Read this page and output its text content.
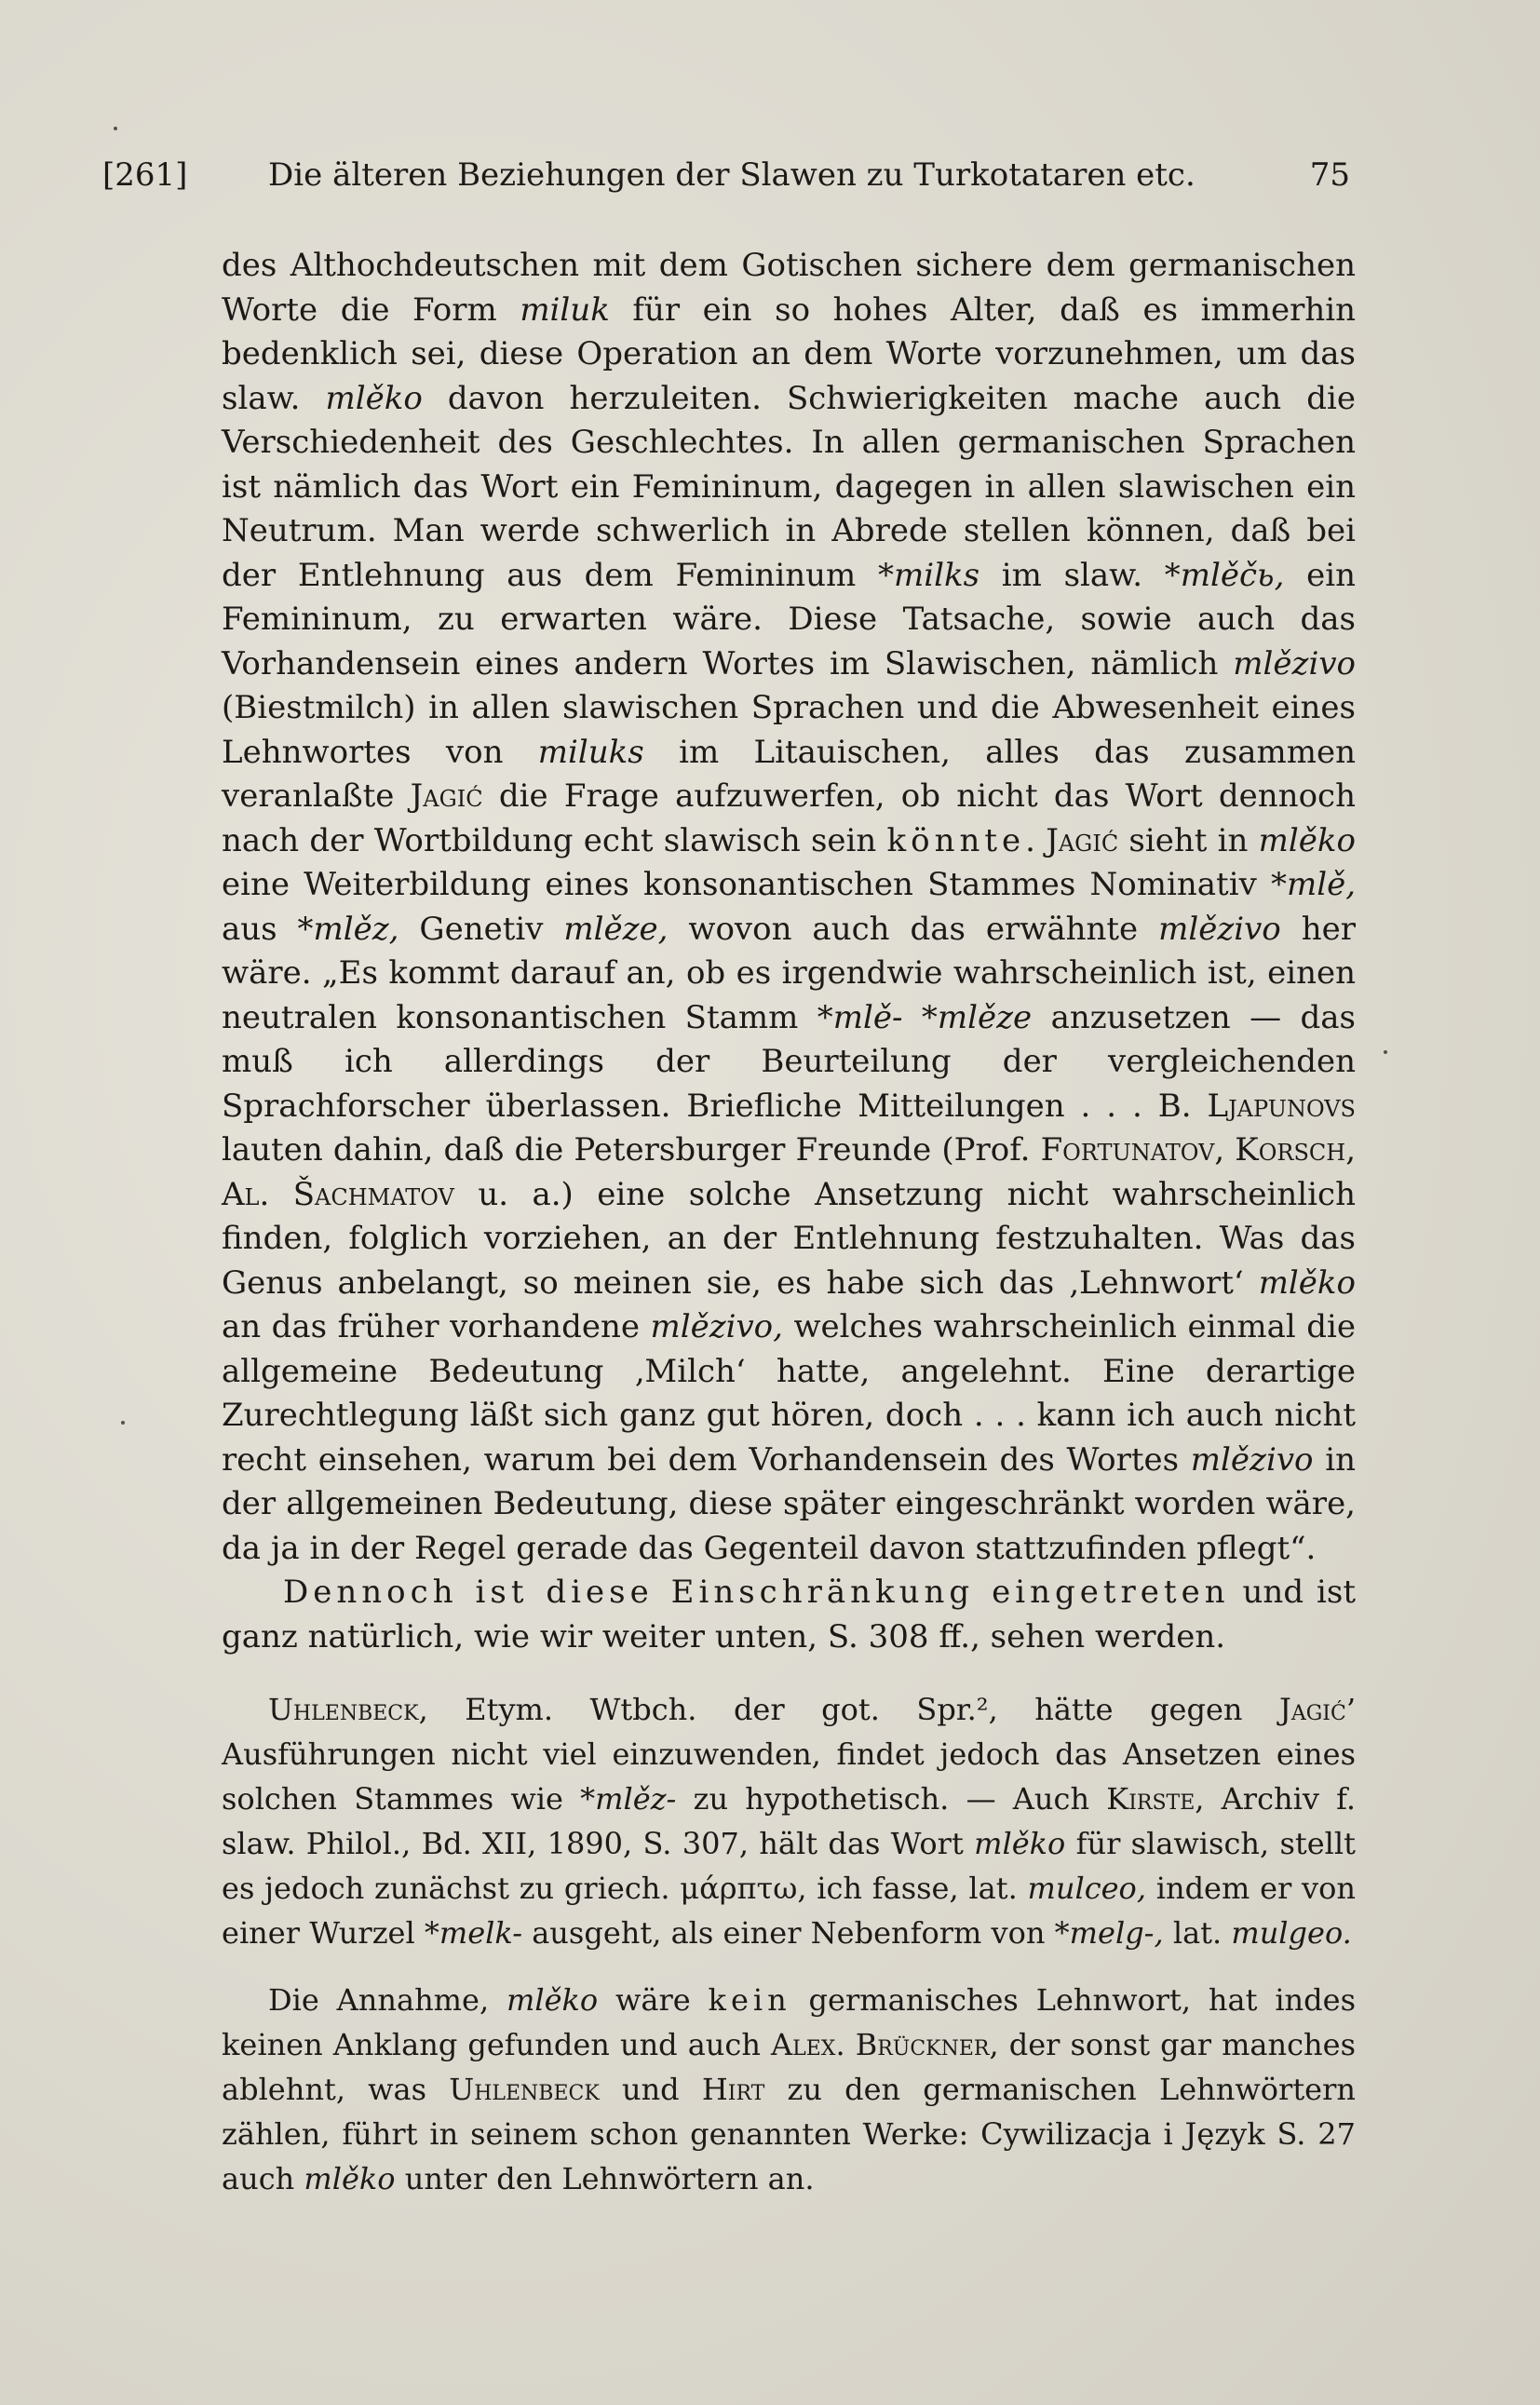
[261]	Die älteren Beziehungen der Slawen zu Turkotataren etc.	75

des Althochdeutschen mit dem Gotischen sichere dem germanischen Worte die Form miluk für ein so hohes Alter, daß es immerhin bedenklich sei, diese Operation an dem Worte vorzunehmen, um das slaw. mlěko davon herzuleiten. Schwierigkeiten mache auch die Verschiedenheit des Geschlechtes. In allen germanischen Sprachen ist nämlich das Wort ein Femininum, dagegen in allen slawischen ein Neutrum. Man werde schwerlich in Abrede stellen können, daß bei der Entlehnung aus dem Femininum *milks im slaw. *mlěčь, ein Femininum, zu erwarten wäre. Diese Tatsache, sowie auch das Vorhandensein eines andern Wortes im Slawischen, nämlich mlězivo (Biestmilch) in allen slawischen Sprachen und die Abwesenheit eines Lehnwortes von miluks im Litauischen, alles das zusammen veranlaßte Jagić die Frage aufzuwerfen, ob nicht das Wort dennoch nach der Wortbildung echt slawisch sein könnte. Jagić sieht in mlěko eine Weiterbildung eines konsonantischen Stammes Nominativ *mlě, aus *mlěz, Genetiv mlěze, wovon auch das erwähnte mlězivo her wäre. „Es kommt darauf an, ob es irgendwie wahrscheinlich ist, einen neutralen konsonantischen Stamm *mlě- *mlěze anzusetzen — das muß ich allerdings der Beurteilung der vergleichenden Sprachforscher überlassen. Briefliche Mitteilungen . . . B. Ljapunovs lauten dahin, daß die Petersburger Freunde (Prof. Fortunatov, Korsch, Al. Šachmatov u. a.) eine solche Ansetzung nicht wahrscheinlich finden, folglich vorziehen, an der Entlehnung festzuhalten. Was das Genus anbelangt, so meinen sie, es habe sich das ‚Lehnwort‘ mlěko an das früher vorhandene mlězivo, welches wahrscheinlich einmal die allgemeine Bedeutung ‚Milch‘ hatte, angelehnt. Eine derartige Zurechtlegung läßt sich ganz gut hören, doch . . . kann ich auch nicht recht einsehen, warum bei dem Vorhandensein des Wortes mlězivo in der allgemeinen Bedeutung, diese später eingeschränkt worden wäre, da ja in der Regel gerade das Gegenteil davon stattzufinden pflegt“.

Dennoch ist diese Einschränkung eingetreten und ist ganz natürlich, wie wir weiter unten, S. 308 ff., sehen werden.

Uhlenbeck, Etym. Wtbch. der got. Spr.², hätte gegen Jagić’ Ausführungen nicht viel einzuwenden, findet jedoch das Ansetzen eines solchen Stammes wie *mlěz- zu hypothetisch. — Auch Kirste, Archiv f. slaw. Philol., Bd. XII, 1890, S. 307, hält das Wort mlěko für slawisch, stellt es jedoch zunächst zu griech. μάρπτω, ich fasse, lat. mulceo, indem er von einer Wurzel *melk- ausgeht, als einer Nebenform von *melg-, lat. mulgeo.

Die Annahme, mlěko wäre kein germanisches Lehnwort, hat indes keinen Anklang gefunden und auch Alex. Brückner, der sonst gar manches ablehnt, was Uhlenbeck und Hirt zu den germanischen Lehnwörtern zählen, führt in seinem schon genannten Werke: Cywilizacja i Język S. 27 auch mlěko unter den Lehnwörtern an.
